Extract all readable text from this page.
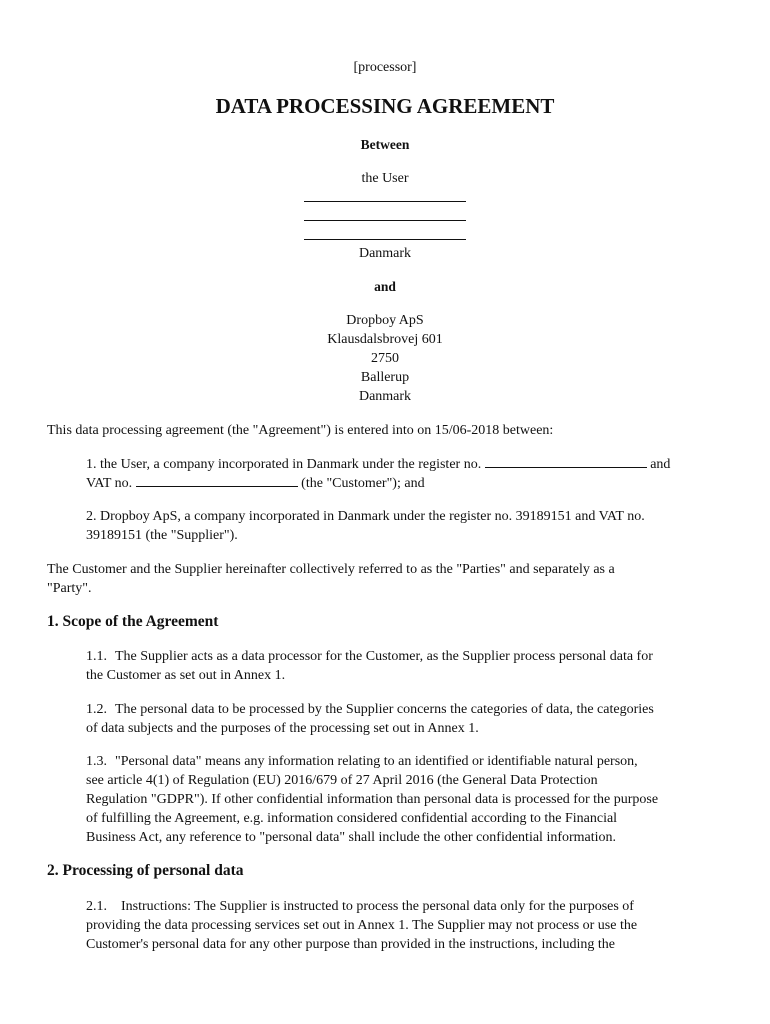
[processor]
DATA PROCESSING AGREEMENT
Between
the User
Danmark
and
Dropboy ApS
Klausdalsbrovej 601
2750
Ballerup
Danmark

This data processing agreement (the "Agreement") is entered into on 15/06-2018 between:

1. the User, a company incorporated in Danmark under the register no.	and

VAT no.	(the "Customer"); and

2. Dropboy ApS, a company incorporated in Danmark under the register no. 39189151 and VAT no.

39189151 (the "Supplier").

The Customer and the Supplier hereinafter collectively referred to as the "Parties" and separately as a

"Party".

1. Scope of the Agreement

1.1. The Supplier acts as a data processor for the Customer, as the Supplier process personal data for

the Customer as set out in Annex 1.

1.2. The personal data to be processed by the Supplier concerns the categories of data, the categories

of data subjects and the purposes of the processing set out in Annex 1.

1.3. "Personal data" means any information relating to an identified or identifiable natural person,

see article 4(1) of Regulation (EU) 2016/679 of 27 April 2016 (the General Data Protection

Regulation "GDPR"). If other confidential information than personal data is processed for the purpose

of fulfilling the Agreement, e.g. information considered confidential according to the Financial

Business Act, any reference to "personal data" shall include the other confidential information.

2. Processing of personal data

2.1. Instructions: The Supplier is instructed to process the personal data only for the purposes of

providing the data processing services set out in Annex 1. The Supplier may not process or use the

Customer's personal data for any other purpose than provided in the instructions, including the
